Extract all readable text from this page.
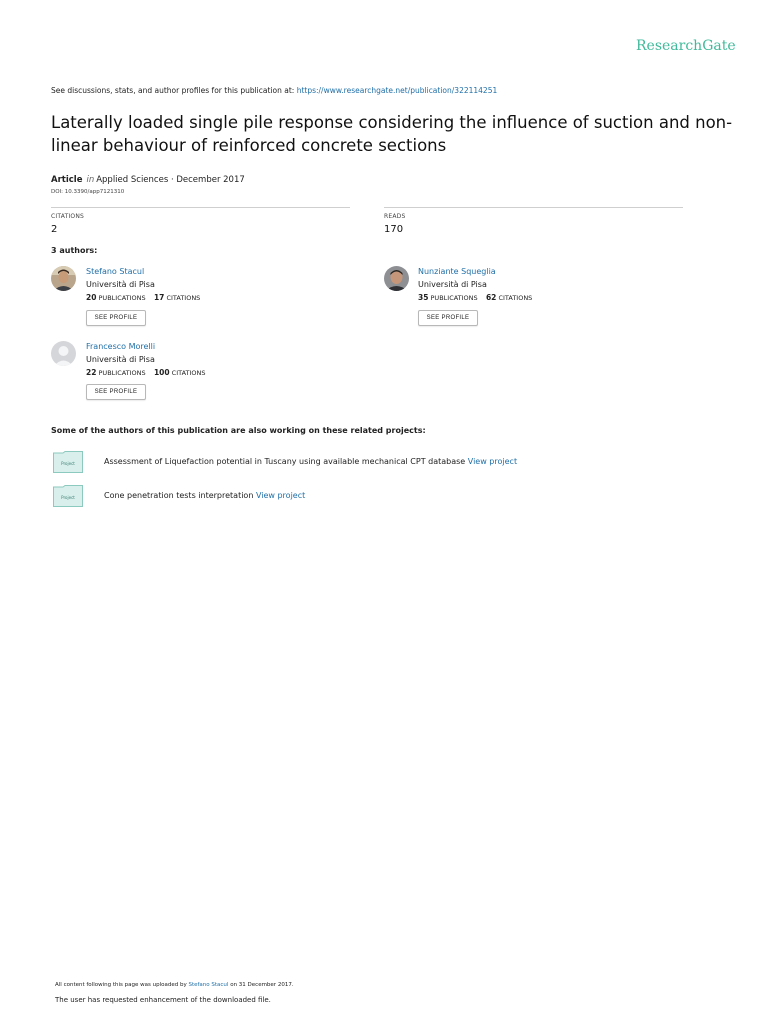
ResearchGate
See discussions, stats, and author profiles for this publication at: https://www.researchgate.net/publication/322114251
Laterally loaded single pile response considering the influence of suction and non-linear behaviour of reinforced concrete sections
Article in Applied Sciences · December 2017
DOI: 10.3390/app7121310
CITATIONS
2
READS
170
3 authors:
Stefano Stacul
Università di Pisa
20 PUBLICATIONS 17 CITATIONS
SEE PROFILE
Nunziante Squeglia
Università di Pisa
35 PUBLICATIONS 62 CITATIONS
SEE PROFILE
Francesco Morelli
Università di Pisa
22 PUBLICATIONS 100 CITATIONS
SEE PROFILE
Some of the authors of this publication are also working on these related projects:
Project	Assessment of Liquefaction potential in Tuscany using available mechanical CPT database View project
Project	Cone penetration tests interpretation View project
All content following this page was uploaded by Stefano Stacul on 31 December 2017.
The user has requested enhancement of the downloaded file.
